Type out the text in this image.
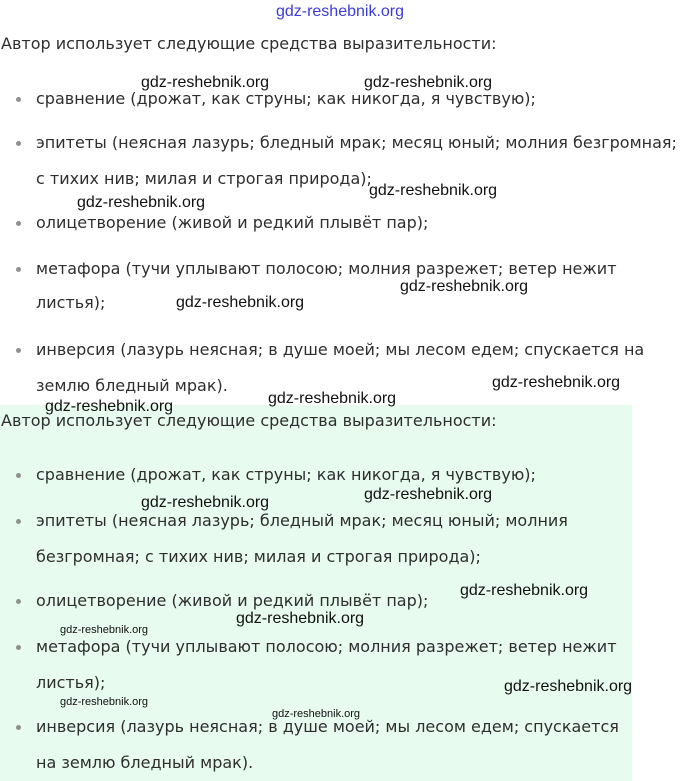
gdz-reshebnik.org
Автор использует следующие средства выразительности:
сравнение (дрожат, как струны; как никогда, я чувствую);
эпитеты (неясная лазурь; бледный мрак; месяц юный; молния безгромная;
с тихих нив; милая и строгая природа);
олицетворение (живой и редкий плывёт пар);
метафора (тучи уплывают полосою; молния разрежет; ветер нежит
листья);
инверсия (лазурь неясная; в душе моей; мы лесом едем; спускается на
землю бледный мрак).
Автор использует следующие средства выразительности:
сравнение (дрожат, как струны; как никогда, я чувствую);
эпитеты (неясная лазурь; бледный мрак; месяц юный; молния
безгромная; с тихих нив; милая и строгая природа);
олицетворение (живой и редкий плывёт пар);
метафора (тучи уплывают полосою; молния разрежет; ветер нежит
листья);
инверсия (лазурь неясная; в душе моей; мы лесом едем; спускается
на землю бледный мрак).
gdz-reshebnik.org	gdz-reshebnik.org
gdz-reshebnik.org
gdz-reshebnik.org
gdz-reshebnik.org
gdz-reshebnik.org
gdz-reshebnik.org
gdz-reshebnik.org
gdz-reshebnik.org
gdz-reshebnik.org
gdz-reshebnik.org
gdz-reshebnik.org
gdz-reshebnik.org
gdz-reshebnik.org
gdz-reshebnik.org
gdz-reshebnik.org
gdz-reshebnik.org
